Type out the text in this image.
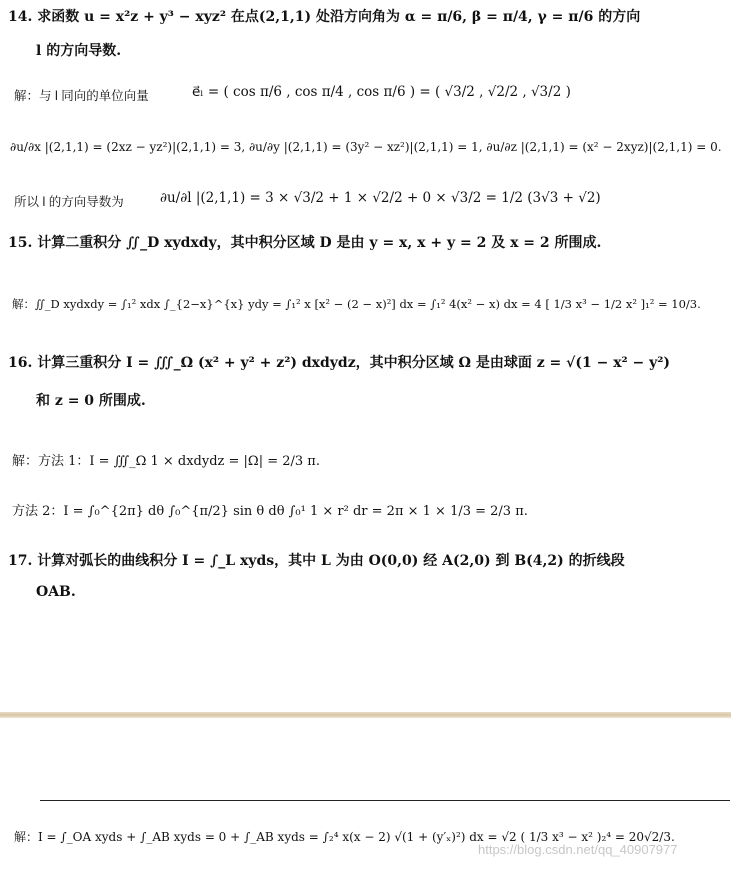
14. 求函数 u = x²z + y³ − xyz² 在点(2,1,1) 处沿方向角为 α = π/6, β = π/4, γ = π/6 的方向
l 的方向导数.
解：与 l 同向的单位向量	e⃗ₗ = ( cos π/6 , cos π/4 , cos π/6 ) = ( √3/2 , √2/2 , √3/2 )
∂u/∂x |(2,1,1) = (2xz − yz²)|(2,1,1) = 3, ∂u/∂y |(2,1,1) = (3y² − xz²)|(2,1,1) = 1, ∂u/∂z |(2,1,1) = (x² − 2xyz)|(2,1,1) = 0.
所以 l 的方向导数为	∂u/∂l |(2,1,1) = 3 × √3/2 + 1 × √2/2 + 0 × √3/2 = 1/2 (3√3 + √2)
15. 计算二重积分 ∬_D xydxdy，其中积分区域 D 是由 y = x, x + y = 2 及 x = 2 所围成.
解：∬_D xydxdy = ∫₁² xdx ∫_{2−x}^{x} ydy = ∫₁² x [x² − (2 − x)²] dx = ∫₁² 4(x² − x) dx = 4 [ 1/3 x³ − 1/2 x² ]₁² = 10/3.
16. 计算三重积分 I = ∭_Ω (x² + y² + z²) dxdydz，其中积分区域 Ω 是由球面 z = √(1 − x² − y²)
和 z = 0 所围成.
解：方法 1：I = ∭_Ω 1 × dxdydz = |Ω| = 2/3 π.
方法 2：I = ∫₀^{2π} dθ ∫₀^{π/2} sin θ dθ ∫₀¹ 1 × r² dr = 2π × 1 × 1/3 = 2/3 π.
17. 计算对弧长的曲线积分 I = ∫_L xyds，其中 L 为由 O(0,0) 经 A(2,0) 到 B(4,2) 的折线段
OAB.
解：I = ∫_OA xyds + ∫_AB xyds = 0 + ∫_AB xyds = ∫₂⁴ x(x − 2) √(1 + (y′ₓ)²) dx = √2 ( 1/3 x³ − x² )₂⁴ = 20√2/3.
https://blog.csdn.net/qq_40907977
